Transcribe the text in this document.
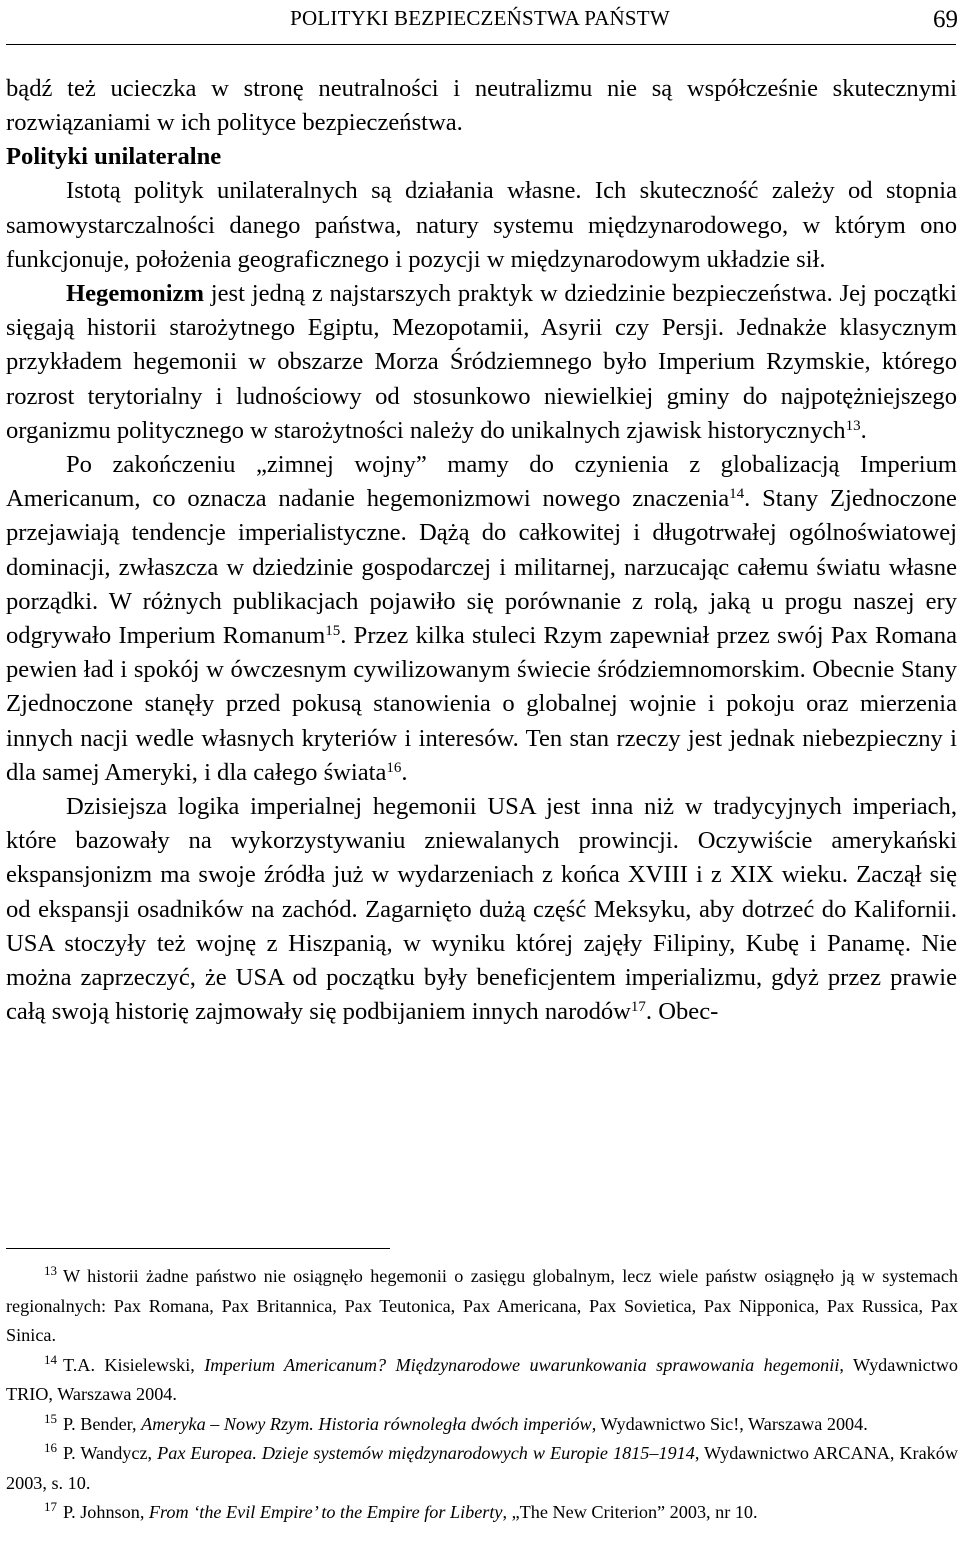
POLITYKI BEZPIECZEŃSTWA PAŃSTW	69

bądź też ucieczka w stronę neutralności i neutralizmu nie są współcześnie skutecznymi rozwiązaniami w ich polityce bezpieczeństwa.

Polityki unilateralne

Istotą polityk unilateralnych są działania własne. Ich skuteczność zależy od stopnia samowystarczalności danego państwa, natury systemu międzynarodowego, w którym ono funkcjonuje, położenia geograficznego i pozycji w międzynarodowym układzie sił.

Hegemonizm jest jedną z najstarszych praktyk w dziedzinie bezpieczeństwa. Jej początki sięgają historii starożytnego Egiptu, Mezopotamii, Asyrii czy Persji. Jednakże klasycznym przykładem hegemonii w obszarze Morza Śródziemnego było Imperium Rzymskie, którego rozrost terytorialny i ludnościowy od stosunkowo niewielkiej gminy do najpotężniejszego organizmu politycznego w starożytności należy do unikalnych zjawisk historycznych$^{13}$.

Po zakończeniu „zimnej wojny” mamy do czynienia z globalizacją Imperium Americanum, co oznacza nadanie hegemonizmowi nowego znaczenia$^{14}$. Stany Zjednoczone przejawiają tendencje imperialistyczne. Dążą do całkowitej i długotrwałej ogólnoświatowej dominacji, zwłaszcza w dziedzinie gospodarczej i militarnej, narzucając całemu światu własne porządki. W różnych publikacjach pojawiło się porównanie z rolą, jaką u progu naszej ery odgrywało Imperium Romanum$^{15}$. Przez kilka stuleci Rzym zapewniał przez swój Pax Romana pewien ład i spokój w ówczesnym cywilizowanym świecie śródziemnomorskim. Obecnie Stany Zjednoczone stanęły przed pokusą stanowienia o globalnej wojnie i pokoju oraz mierzenia innych nacji wedle własnych kryteriów i interesów. Ten stan rzeczy jest jednak niebezpieczny i dla samej Ameryki, i dla całego świata$^{16}$.

Dzisiejsza logika imperialnej hegemonii USA jest inna niż w tradycyjnych imperiach, które bazowały na wykorzystywaniu zniewalanych prowincji. Oczywiście amerykański ekspansjonizm ma swoje źródła już w wydarzeniach z końca XVIII i z XIX wieku. Zaczął się od ekspansji osadników na zachód. Zagarnięto dużą część Meksyku, aby dotrzeć do Kalifornii. USA stoczyły też wojnę z Hiszpanią, w wyniku której zajęły Filipiny, Kubę i Panamę. Nie można zaprzeczyć, że USA od początku były beneficjentem imperializmu, gdyż przez prawie całą swoją historię zajmowały się podbijaniem innych narodów$^{17}$. Obec-

$^{13}$ W historii żadne państwo nie osiągnęło hegemonii o zasięgu globalnym, lecz wiele państw osiągnęło ją w systemach regionalnych: Pax Romana, Pax Britannica, Pax Teutonica, Pax Americana, Pax Sovietica, Pax Nipponica, Pax Russica, Pax Sinica.

$^{14}$ T.A. Kisielewski, Imperium Americanum? Międzynarodowe uwarunkowania sprawowania hegemonii, Wydawnictwo TRIO, Warszawa 2004.

$^{15}$ P. Bender, Ameryka – Nowy Rzym. Historia równoległa dwóch imperiów, Wydawnictwo Sic!, Warszawa 2004.

$^{16}$ P. Wandycz, Pax Europea. Dzieje systemów międzynarodowych w Europie 1815–1914, Wydawnictwo ARCANA, Kraków 2003, s. 10.

$^{17}$ P. Johnson, From ‘the Evil Empire’ to the Empire for Liberty, „The New Criterion” 2003, nr 10.
